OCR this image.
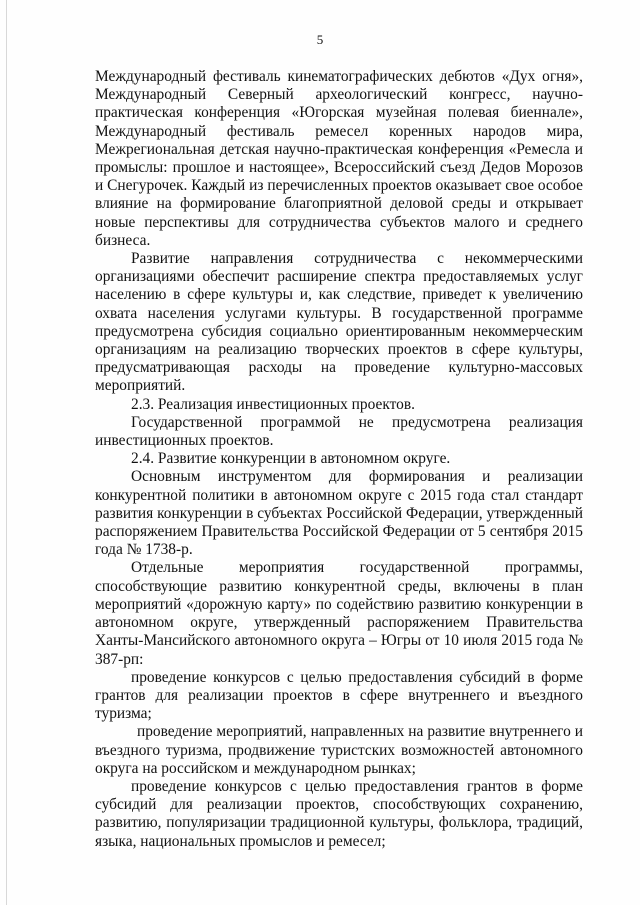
5

Международный фестиваль кинематографических дебютов «Дух огня», Международный Северный археологический конгресс, научно-практическая конференция «Югорская музейная полевая биеннале», Международный фестиваль ремесел коренных народов мира, Межрегиональная детская научно-практическая конференция «Ремесла и промыслы: прошлое и настоящее», Всероссийский съезд Дедов Морозов и Снегурочек. Каждый из перечисленных проектов оказывает свое особое влияние на формирование благоприятной деловой среды и открывает новые перспективы для сотрудничества субъектов малого и среднего бизнеса.

Развитие направления сотрудничества с некоммерческими организациями обеспечит расширение спектра предоставляемых услуг населению в сфере культуры и, как следствие, приведет к увеличению охвата населения услугами культуры. В государственной программе предусмотрена субсидия социально ориентированным некоммерческим организациям на реализацию творческих проектов в сфере культуры, предусматривающая расходы на проведение культурно-массовых мероприятий.

2.3. Реализация инвестиционных проектов.

Государственной программой не предусмотрена реализация инвестиционных проектов.

2.4. Развитие конкуренции в автономном округе.

Основным инструментом для формирования и реализации конкурентной политики в автономном округе с 2015 года стал стандарт развития конкуренции в субъектах Российской Федерации, утвержденный распоряжением Правительства Российской Федерации от 5 сентября 2015 года № 1738-р.

Отдельные мероприятия государственной программы, способствующие развитию конкурентной среды, включены в план мероприятий «дорожную карту» по содействию развитию конкуренции в автономном округе, утвержденный распоряжением Правительства Ханты-Мансийского автономного округа – Югры от 10 июля 2015 года № 387-рп:

проведение конкурсов с целью предоставления субсидий в форме грантов для реализации проектов в сфере внутреннего и въездного туризма;

проведение мероприятий, направленных на развитие внутреннего и въездного туризма, продвижение туристских возможностей автономного округа на российском и международном рынках;

проведение конкурсов с целью предоставления грантов в форме субсидий для реализации проектов, способствующих сохранению, развитию, популяризации традиционной культуры, фольклора, традиций, языка, национальных промыслов и ремесел;
